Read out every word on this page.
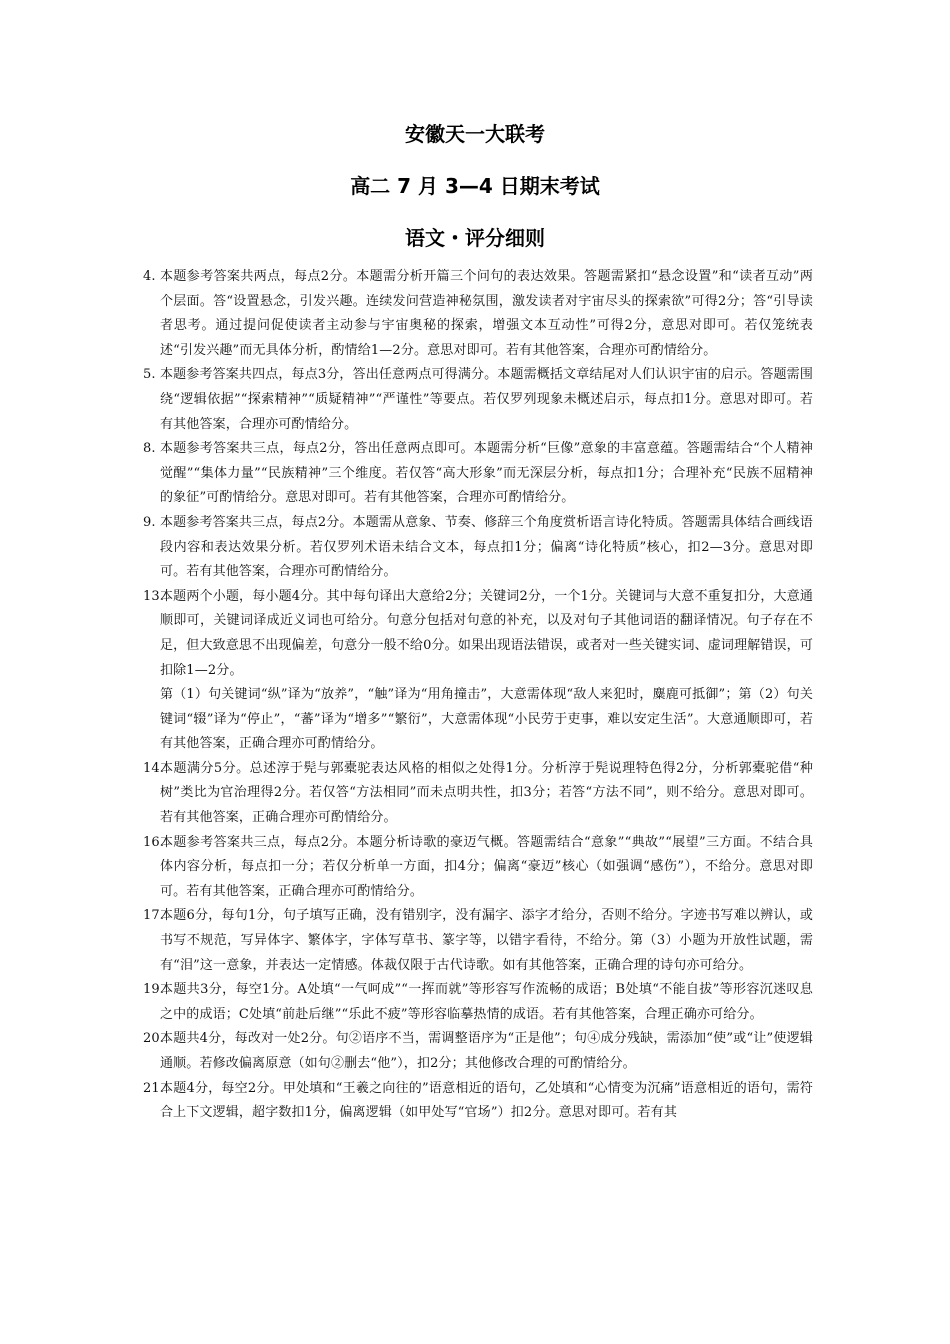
安徽天一大联考
高二 7 月 3—4 日期末考试
语文・评分细则
4. 本题参考答案共两点，每点2分。本题需分析开篇三个问句的表达效果。答题需紧扣“悬念设置”和“读者互动”两个层面。答“设置悬念，引发兴趣。连续发问营造神秘氛围，激发读者对宇宙尽头的探索欲”可得2分；答“引导读者思考。通过提问促使读者主动参与宇宙奥秘的探索，增强文本互动性”可得2分，意思对即可。若仅笼统表述“引发兴趣”而无具体分析，酌情给1—2分。意思对即可。若有其他答案，合理亦可酌情给分。
5. 本题参考答案共四点，每点3分，答出任意两点可得满分。本题需概括文章结尾对人们认识宇宙的启示。答题需围绕“逻辑依据”“探索精神”“质疑精神”“严谨性”等要点。若仅罗列现象未概述启示，每点扣1分。意思对即可。若有其他答案，合理亦可酌情给分。
8. 本题参考答案共三点，每点2分，答出任意两点即可。本题需分析“巨像”意象的丰富意蕴。答题需结合“个人精神觉醒”“集体力量”“民族精神”三个维度。若仅答“高大形象”而无深层分析，每点扣1分；合理补充“民族不屈精神的象征”可酌情给分。意思对即可。若有其他答案，合理亦可酌情给分。
9. 本题参考答案共三点，每点2分。本题需从意象、节奏、修辞三个角度赏析语言诗化特质。答题需具体结合画线语段内容和表达效果分析。若仅罗列术语未结合文本，每点扣1分；偏离“诗化特质”核心，扣2—3分。意思对即可。若有其他答案，合理亦可酌情给分。
13.
本题两个小题，每小题4分。其中每句译出大意给2分；关键词2分，一个1分。关键词与大意不重复扣分，大意通顺即可，关键词译成近义词也可给分。句意分包括对句意的补充，以及对句子其他词语的翻译情况。句子存在不足，但大致意思不出现偏差，句意分一般不给0分。如果出现语法错误，或者对一些关键实词、虚词理解错误，可扣除1—2分。
第（1）句关键词“纵”译为“放养”，“触”译为“用角撞击”，大意需体现“敌人来犯时，麋鹿可抵御”；第（2）句关键词“辍”译为“停止”，“蕃”译为“增多”“繁衍”，大意需体现“小民劳于吏事，难以安定生活”。大意通顺即可，若有其他答案，正确合理亦可酌情给分。
14.
本题满分5分。总述淳于髡与郭橐驼表达风格的相似之处得1分。分析淳于髡说理特色得2分，分析郭橐驼借“种树”类比为官治理得2分。若仅答“方法相同”而未点明共性，扣3分；若答“方法不同”，则不给分。意思对即可。若有其他答案，正确合理亦可酌情给分。
16.
本题参考答案共三点，每点2分。本题分析诗歌的豪迈气概。答题需结合“意象”“典故”“展望”三方面。不结合具体内容分析，每点扣一分；若仅分析单一方面，扣4分；偏离“豪迈”核心（如强调“感伤”），不给分。意思对即可。若有其他答案，正确合理亦可酌情给分。
17.
本题6分，每句1分，句子填写正确，没有错别字，没有漏字、添字才给分，否则不给分。字迹书写难以辨认，或书写不规范，写异体字、繁体字，字体写草书、篆字等，以错字看待，不给分。第（3）小题为开放性试题，需有“泪”这一意象，并表达一定情感。体裁仅限于古代诗歌。如有其他答案，正确合理的诗句亦可给分。
19.
本题共3分，每空1分。A处填“一气呵成”“一挥而就”等形容写作流畅的成语；B处填“不能自拔”等形容沉迷叹息之中的成语；C处填“前赴后继”“乐此不疲”等形容临摹热情的成语。若有其他答案，合理正确亦可给分。
20.
本题共4分，每改对一处2分。句②语序不当，需调整语序为“正是他”；句④成分残缺，需添加“使”或“让”使逻辑通顺。若修改偏离原意（如句②删去“他”），扣2分；其他修改合理的可酌情给分。
21.
本题4分，每空2分。甲处填和“王羲之向往的”语意相近的语句，乙处填和“心情变为沉痛”语意相近的语句，需符合上下文逻辑，超字数扣1分，偏离逻辑（如甲处写“官场”）扣2分。意思对即可。若有其
